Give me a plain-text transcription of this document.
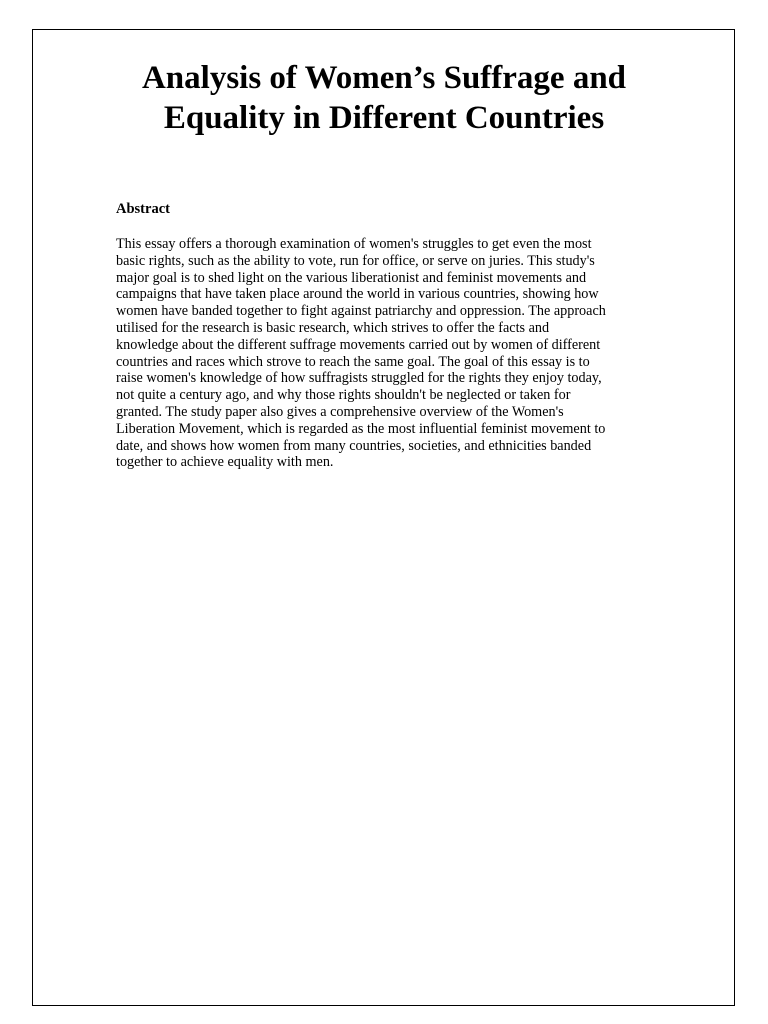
Analysis of Women’s Suffrage and
Equality in Different Countries
Abstract
This essay offers a thorough examination of women's struggles to get even the most
basic rights, such as the ability to vote, run for office, or serve on juries. This study's
major goal is to shed light on the various liberationist and feminist movements and
campaigns that have taken place around the world in various countries, showing how
women have banded together to fight against patriarchy and oppression. The approach
utilised for the research is basic research, which strives to offer the facts and
knowledge about the different suffrage movements carried out by women of different
countries and races which strove to reach the same goal. The goal of this essay is to
raise women's knowledge of how suffragists struggled for the rights they enjoy today,
not quite a century ago, and why those rights shouldn't be neglected or taken for
granted. The study paper also gives a comprehensive overview of the Women's
Liberation Movement, which is regarded as the most influential feminist movement to
date, and shows how women from many countries, societies, and ethnicities banded
together to achieve equality with men.
